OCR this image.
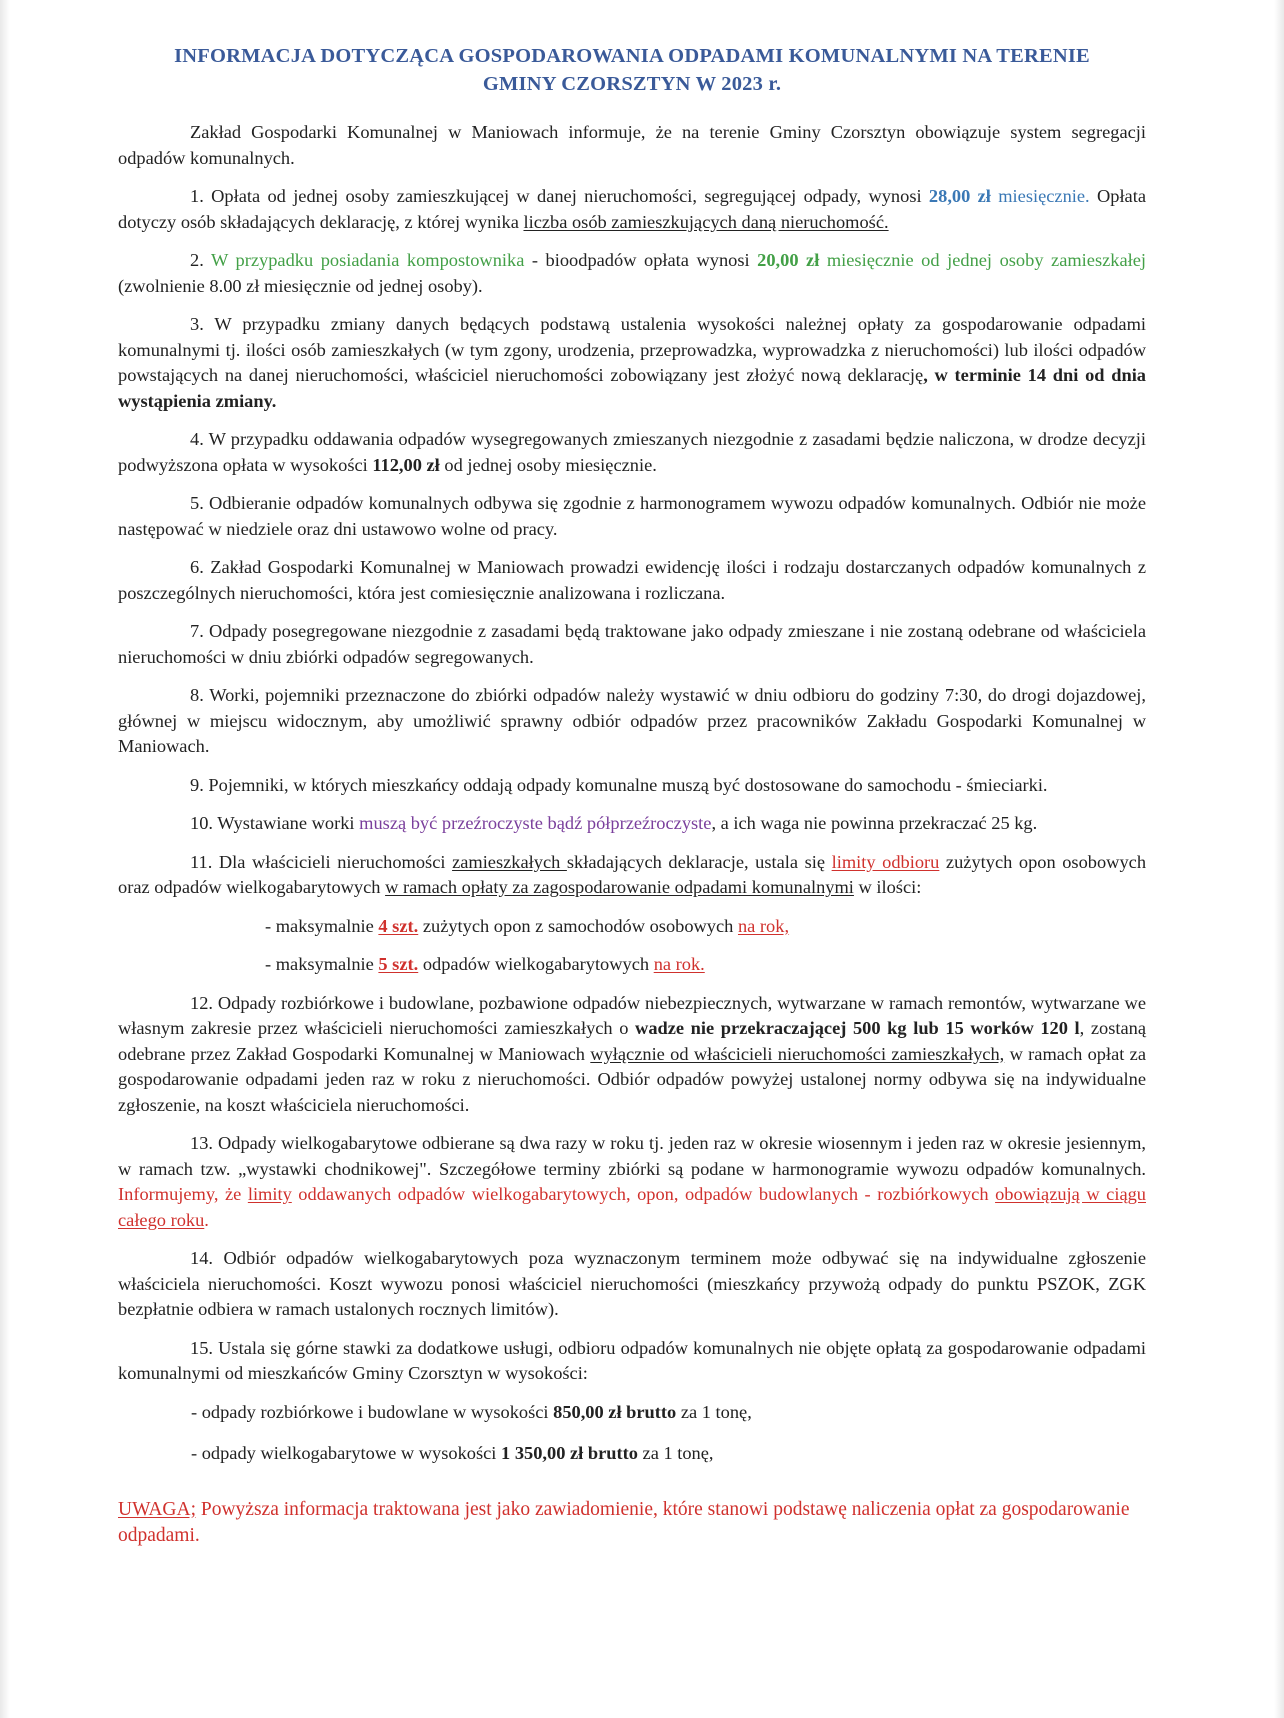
INFORMACJA DOTYCZĄCA GOSPODAROWANIA ODPADAMI KOMUNALNYMI NA TERENIE
GMINY CZORSZTYN W 2023 r.

Zakład Gospodarki Komunalnej w Maniowach informuje, że na terenie Gminy Czorsztyn obowiązuje system segregacji odpadów komunalnych.

1. Opłata od jednej osoby zamieszkującej w danej nieruchomości, segregującej odpady, wynosi 28,00 zł miesięcznie. Opłata dotyczy osób składających deklarację, z której wynika liczba osób zamieszkujących daną nieruchomość.

2. W przypadku posiadania kompostownika - bioodpadów opłata wynosi 20,00 zł miesięcznie od jednej osoby zamieszkałej (zwolnienie 8.00 zł miesięcznie od jednej osoby).

3. W przypadku zmiany danych będących podstawą ustalenia wysokości należnej opłaty za gospodarowanie odpadami komunalnymi tj. ilości osób zamieszkałych (w tym zgony, urodzenia, przeprowadzka, wyprowadzka z nieruchomości) lub ilości odpadów powstających na danej nieruchomości, właściciel nieruchomości zobowiązany jest złożyć nową deklarację, w terminie 14 dni od dnia wystąpienia zmiany.

4. W przypadku oddawania odpadów wysegregowanych zmieszanych niezgodnie z zasadami będzie naliczona, w drodze decyzji podwyższona opłata w wysokości 112,00 zł od jednej osoby miesięcznie.

5. Odbieranie odpadów komunalnych odbywa się zgodnie z harmonogramem wywozu odpadów komunalnych. Odbiór nie może następować w niedziele oraz dni ustawowo wolne od pracy.

6. Zakład Gospodarki Komunalnej w Maniowach prowadzi ewidencję ilości i rodzaju dostarczanych odpadów komunalnych z poszczególnych nieruchomości, która jest comiesięcznie analizowana i rozliczana.

7. Odpady posegregowane niezgodnie z zasadami będą traktowane jako odpady zmieszane i nie zostaną odebrane od właściciela nieruchomości w dniu zbiórki odpadów segregowanych.

8. Worki, pojemniki przeznaczone do zbiórki odpadów należy wystawić w dniu odbioru do godziny 7:30, do drogi dojazdowej, głównej w miejscu widocznym, aby umożliwić sprawny odbiór odpadów przez pracowników Zakładu Gospodarki Komunalnej w Maniowach.

9. Pojemniki, w których mieszkańcy oddają odpady komunalne muszą być dostosowane do samochodu - śmieciarki.

10. Wystawiane worki muszą być przeźroczyste bądź półprzeźroczyste, a ich waga nie powinna przekraczać 25 kg.

11. Dla właścicieli nieruchomości zamieszkałych składających deklaracje, ustala się limity odbioru zużytych opon osobowych oraz odpadów wielkogabarytowych w ramach opłaty za zagospodarowanie odpadami komunalnymi w ilości:

- maksymalnie 4 szt. zużytych opon z samochodów osobowych na rok,

- maksymalnie 5 szt. odpadów wielkogabarytowych na rok.

12. Odpady rozbiórkowe i budowlane, pozbawione odpadów niebezpiecznych, wytwarzane w ramach remontów, wytwarzane we własnym zakresie przez właścicieli nieruchomości zamieszkałych o wadze nie przekraczającej 500 kg lub 15 worków 120 l, zostaną odebrane przez Zakład Gospodarki Komunalnej w Maniowach wyłącznie od właścicieli nieruchomości zamieszkałych, w ramach opłat za gospodarowanie odpadami jeden raz w roku z nieruchomości. Odbiór odpadów powyżej ustalonej normy odbywa się na indywidualne zgłoszenie, na koszt właściciela nieruchomości.

13. Odpady wielkogabarytowe odbierane są dwa razy w roku tj. jeden raz w okresie wiosennym i jeden raz w okresie jesiennym, w ramach tzw. „wystawki chodnikowej". Szczegółowe terminy zbiórki są podane w harmonogramie wywozu odpadów komunalnych. Informujemy, że limity oddawanych odpadów wielkogabarytowych, opon, odpadów budowlanych - rozbiórkowych obowiązują w ciągu całego roku.

14. Odbiór odpadów wielkogabarytowych poza wyznaczonym terminem może odbywać się na indywidualne zgłoszenie właściciela nieruchomości. Koszt wywozu ponosi właściciel nieruchomości (mieszkańcy przywożą odpady do punktu PSZOK, ZGK bezpłatnie odbiera w ramach ustalonych rocznych limitów).

15. Ustala się górne stawki za dodatkowe usługi, odbioru odpadów komunalnych nie objęte opłatą za gospodarowanie odpadami komunalnymi od mieszkańców Gminy Czorsztyn w wysokości:

- odpady rozbiórkowe i budowlane w wysokości 850,00 zł brutto za 1 tonę,

- odpady wielkogabarytowe w wysokości 1 350,00 zł brutto za 1 tonę,

UWAGA; Powyższa informacja traktowana jest jako zawiadomienie, które stanowi podstawę naliczenia opłat za gospodarowanie odpadami.
